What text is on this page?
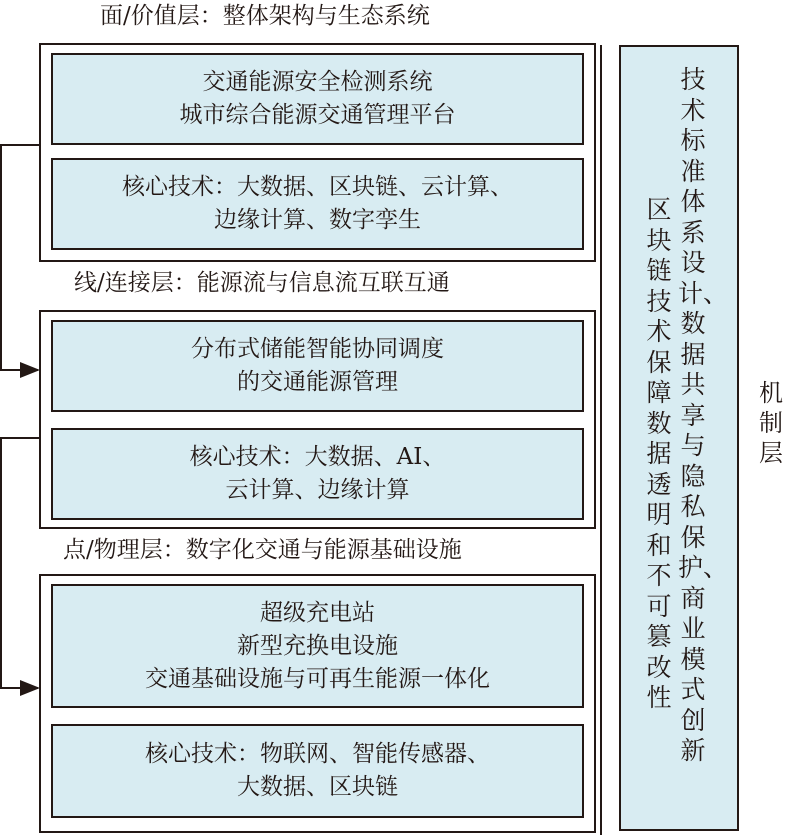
面/价值层：整体架构与生态系统
交通能源安全检测系统
城市综合能源交通管理平台
核心技术：大数据、区块链、云计算、
边缘计算、数字孪生
线/连接层：能源流与信息流互联互通
分布式储能智能协同调度
的交通能源管理
核心技术：大数据、AI、
云计算、边缘计算
点/物理层：数字化交通与能源基础设施
超级充电站
新型充换电设施
交通基础设施与可再生能源一体化
核心技术：物联网、智能传感器、
大数据、区块链
技术标准体系设计、数据共享与隐私保护、商业模式创新
区块链技术保障数据透明和不可篡改性
机制层
